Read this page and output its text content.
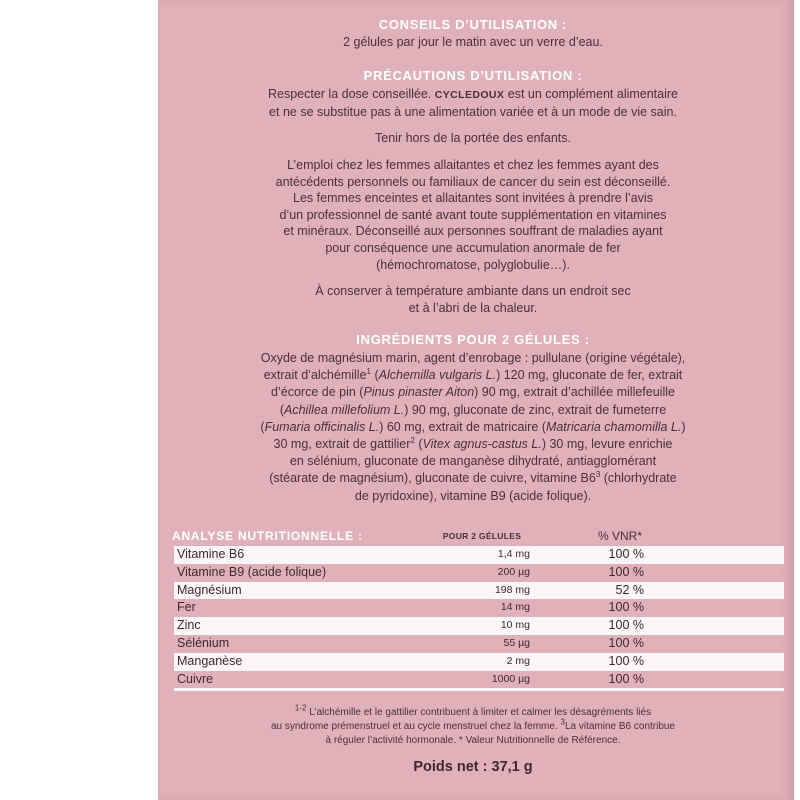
CONSEILS D’UTILISATION :
2 gélules par jour le matin avec un verre d’eau.
PRÉCAUTIONS D’UTILISATION :
Respecter la dose conseillée. CYCLEDOUX est un complément alimentaire
et ne se substitue pas à une alimentation variée et à un mode de vie sain.
Tenir hors de la portée des enfants.
L’emploi chez les femmes allaitantes et chez les femmes ayant des
antécédents personnels ou familiaux de cancer du sein est déconseillé.
Les femmes enceintes et allaitantes sont invitées à prendre l’avis
d’un professionnel de santé avant toute supplémentation en vitamines
et minéraux. Déconseillé aux personnes souffrant de maladies ayant
pour conséquence une accumulation anormale de fer
(hémochromatose, polyglobulie…).
À conserver à température ambiante dans un endroit sec
et à l’abri de la chaleur.
INGRÉDIENTS POUR 2 GÉLULES :
Oxyde de magnésium marin, agent d’enrobage : pullulane (origine végétale),
extrait d’alchémille$^1$ (Alchemilla vulgaris L.) 120 mg, gluconate de fer, extrait
d’écorce de pin (Pinus pinaster Aiton) 90 mg, extrait d’achillée millefeuille
(Achillea millefolium L.) 90 mg, gluconate de zinc, extrait de fumeterre
(Fumaria officinalis L.) 60 mg, extrait de matricaire (Matricaria chamomilla L.)
30 mg, extrait de gattilier$^2$ (Vitex agnus-castus L.) 30 mg, levure enrichie
en sélénium, gluconate de manganèse dihydraté, antiagglomérant
(stéarate de magnésium), gluconate de cuivre, vitamine $B6^3$ (chlorhydrate
de pyridoxine), vitamine B9 (acide folique).
ANALYSE NUTRITIONNELLE :	POUR 2 GÉLULES	% VNR*
Vitamine B6	1,4 mg	100 %
Vitamine B9 (acide folique)	200 µg	100 %
Magnésium	198 mg	52 %
Fer	14 mg	100 %
Zinc	10 mg	100 %
Sélénium	55 µg	100 %
Manganèse	2 mg	100 %
Cuivre	1000 µg	100 %
$^{1-2}$ L’alchémille et le gattilier contribuent à limiter et calmer les désagréments liés
au syndrome prémenstruel et au cycle menstruel chez la femme. $^3$La vitamine B6 contribue
à réguler l’activité hormonale. * Valeur Nutritionnelle de Référence.
Poids net : 37,1 g
